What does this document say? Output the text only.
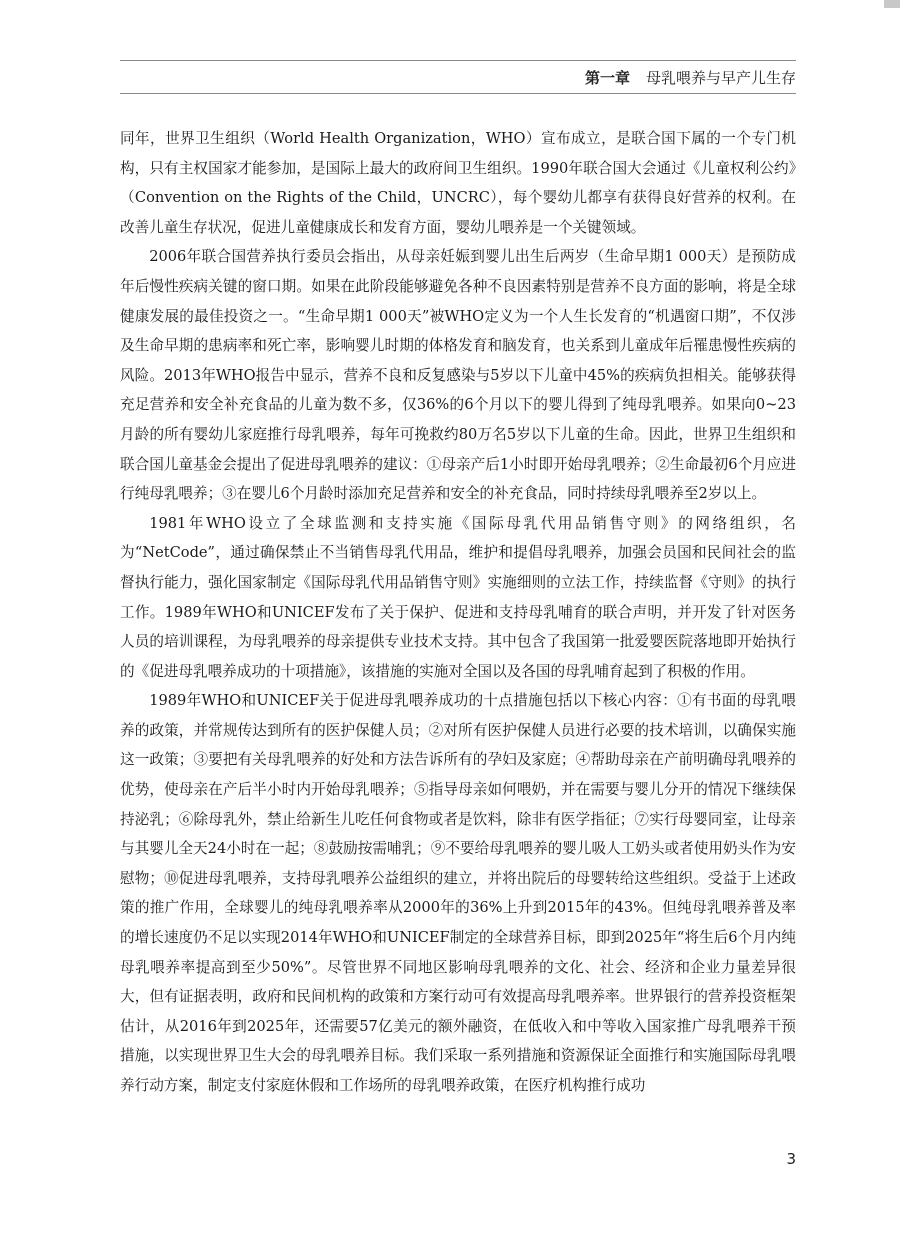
第一章 母乳喂养与早产儿生存

同年，世界卫生组织（World Health Organization，WHO）宣布成立，是联合国下属的一个专门机构，只有主权国家才能参加，是国际上最大的政府间卫生组织。1990年联合国大会通过《儿童权利公约》（Convention on the Rights of the Child，UNCRC），每个婴幼儿都享有获得良好营养的权利。在改善儿童生存状况，促进儿童健康成长和发育方面，婴幼儿喂养是一个关键领域。

2006年联合国营养执行委员会指出，从母亲妊娠到婴儿出生后两岁（生命早期1 000天）是预防成年后慢性疾病关键的窗口期。如果在此阶段能够避免各种不良因素特别是营养不良方面的影响，将是全球健康发展的最佳投资之一。“生命早期1 000天”被WHO定义为一个人生长发育的“机遇窗口期”，不仅涉及生命早期的患病率和死亡率，影响婴儿时期的体格发育和脑发育，也关系到儿童成年后罹患慢性疾病的风险。2013年WHO报告中显示，营养不良和反复感染与5岁以下儿童中45%的疾病负担相关。能够获得充足营养和安全补充食品的儿童为数不多，仅36%的6个月以下的婴儿得到了纯母乳喂养。如果向0~23月龄的所有婴幼儿家庭推行母乳喂养，每年可挽救约80万名5岁以下儿童的生命。因此，世界卫生组织和联合国儿童基金会提出了促进母乳喂养的建议：①母亲产后1小时即开始母乳喂养；②生命最初6个月应进行纯母乳喂养；③在婴儿6个月龄时添加充足营养和安全的补充食品，同时持续母乳喂养至2岁以上。

1981年WHO设立了全球监测和支持实施《国际母乳代用品销售守则》的网络组织，名为“NetCode”，通过确保禁止不当销售母乳代用品，维护和提倡母乳喂养，加强会员国和民间社会的监督执行能力，强化国家制定《国际母乳代用品销售守则》实施细则的立法工作，持续监督《守则》的执行工作。1989年WHO和UNICEF发布了关于保护、促进和支持母乳哺育的联合声明，并开发了针对医务人员的培训课程，为母乳喂养的母亲提供专业技术支持。其中包含了我国第一批爱婴医院落地即开始执行的《促进母乳喂养成功的十项措施》，该措施的实施对全国以及各国的母乳哺育起到了积极的作用。

1989年WHO和UNICEF关于促进母乳喂养成功的十点措施包括以下核心内容：①有书面的母乳喂养的政策，并常规传达到所有的医护保健人员；②对所有医护保健人员进行必要的技术培训，以确保实施这一政策；③要把有关母乳喂养的好处和方法告诉所有的孕妇及家庭；④帮助母亲在产前明确母乳喂养的优势，使母亲在产后半小时内开始母乳喂养；⑤指导母亲如何喂奶，并在需要与婴儿分开的情况下继续保持泌乳；⑥除母乳外，禁止给新生儿吃任何食物或者是饮料，除非有医学指征；⑦实行母婴同室，让母亲与其婴儿全天24小时在一起；⑧鼓励按需哺乳；⑨不要给母乳喂养的婴儿吸人工奶头或者使用奶头作为安慰物；⑩促进母乳喂养，支持母乳喂养公益组织的建立，并将出院后的母婴转给这些组织。受益于上述政策的推广作用，全球婴儿的纯母乳喂养率从2000年的36%上升到2015年的43%。但纯母乳喂养普及率的增长速度仍不足以实现2014年WHO和UNICEF制定的全球营养目标，即到2025年“将生后6个月内纯母乳喂养率提高到至少50%”。尽管世界不同地区影响母乳喂养的文化、社会、经济和企业力量差异很大，但有证据表明，政府和民间机构的政策和方案行动可有效提高母乳喂养率。世界银行的营养投资框架估计，从2016年到2025年，还需要57亿美元的额外融资，在低收入和中等收入国家推广母乳喂养干预措施，以实现世界卫生大会的母乳喂养目标。我们采取一系列措施和资源保证全面推行和实施国际母乳喂养行动方案，制定支付家庭休假和工作场所的母乳喂养政策，在医疗机构推行成功

3
